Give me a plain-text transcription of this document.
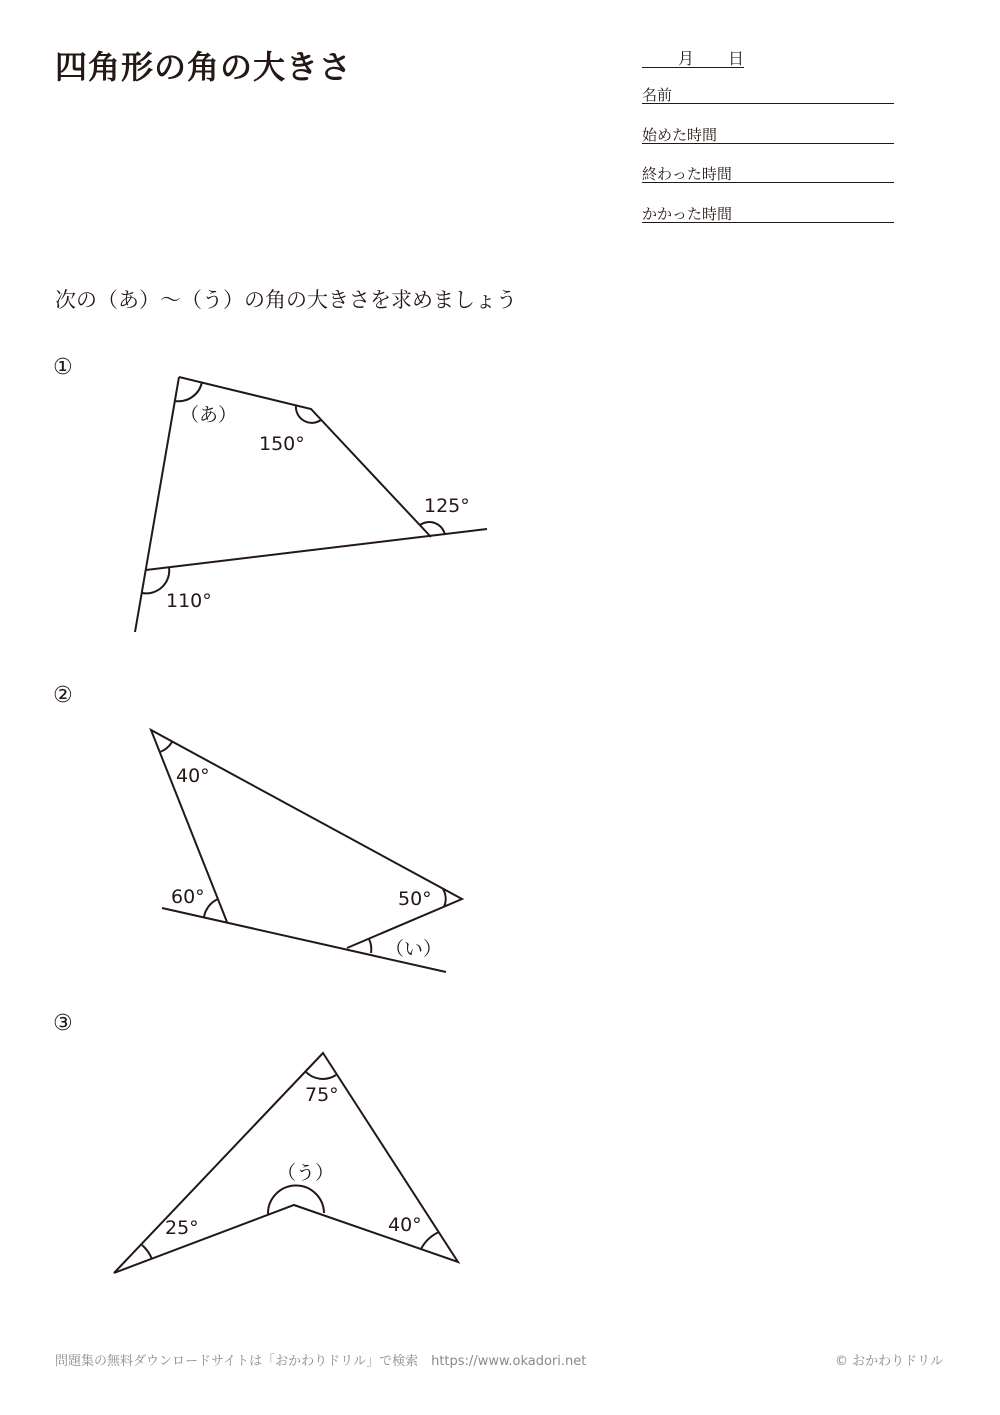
四角形の角の大きさ	月 日
名前
始めた時間
終わった時間
かかった時間
次の（あ）～（う）の角の大きさを求めましょう
①
（あ）
150°
125°
110°
②
40°
60°	50°
（い）
③
75°
（う）
25°	40°
問題集の無料ダウンロードサイトは「おかわりドリル」で検索　https://www.okadori.net	© おかわりドリル
